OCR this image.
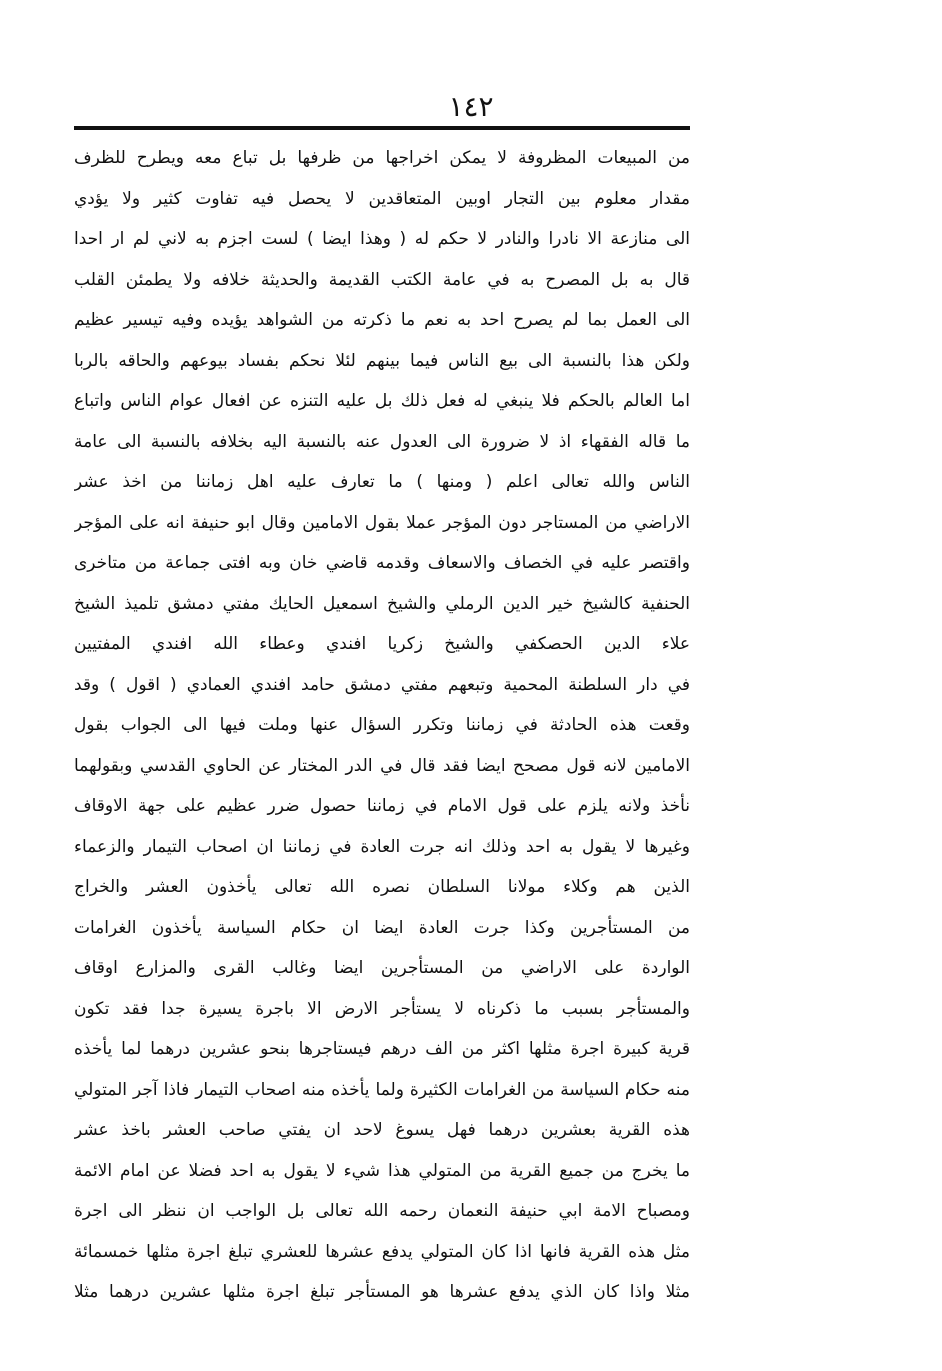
١٤٢
من المبيعات المظروفة لا يمكن اخراجها من ظرفها بل تباع معه ويطرح للظرف
مقدار معلوم بين التجار اوبين المتعاقدين لا يحصل فيه تفاوت كثير ولا يؤدي
الى منازعة الا نادرا والنادر لا حكم له ( وهذا ايضا ) لست اجزم به لاني لم ار احدا
قال به بل المصرح به في عامة الكتب القديمة والحديثة خلافه ولا يطمئن القلب
الى العمل بما لم يصرح احد به نعم ما ذكرته من الشواهد يؤيده وفيه تيسير عظيم
ولكن هذا بالنسبة الى بيع الناس فيما بينهم لئلا نحكم بفساد بيوعهم والحاقه بالربا
اما العالم بالحكم فلا ينبغي له فعل ذلك بل عليه التنزه عن افعال عوام الناس واتباع
ما قاله الفقهاء اذ لا ضرورة الى العدول عنه بالنسبة اليه بخلافه بالنسبة الى عامة
الناس والله تعالى اعلم ( ومنها ) ما تعارف عليه اهل زماننا من اخذ عشر
الاراضي من المستاجر دون المؤجر عملا بقول الامامين وقال ابو حنيفة انه على المؤجر
واقتصر عليه في الخصاف والاسعاف وقدمه قاضي خان وبه افتى جماعة من متاخرى
الحنفية كالشيخ خير الدين الرملي والشيخ اسمعيل الحايك مفتي دمشق تلميذ الشيخ
علاء الدين الحصكفي والشيخ زكريا افندي وعطاء الله افندي المفتيين
في دار السلطنة المحمية وتبعهم مفتي دمشق حامد افندي العمادي ( اقول ) وقد
وقعت هذه الحادثة في زماننا وتكرر السؤال عنها وملت فيها الى الجواب بقول
الامامين لانه قول مصحح ايضا فقد قال في الدر المختار عن الحاوي القدسي وبقولهما
نأخذ ولانه يلزم على قول الامام في زماننا حصول ضرر عظيم على جهة الاوقاف
وغيرها لا يقول به احد وذلك انه جرت العادة في زماننا ان اصحاب التيمار والزعماء
الذين هم وكلاء مولانا السلطان نصره الله تعالى يأخذون العشر والخراج
من المستأجرين وكذا جرت العادة ايضا ان حكام السياسة يأخذون الغرامات
الواردة على الاراضي من المستأجرين ايضا وغالب القرى والمزارع اوقاف
والمستأجر بسبب ما ذكرناه لا يستأجر الارض الا باجرة يسيرة جدا فقد تكون
قرية كبيرة اجرة مثلها اكثر من الف درهم فيستاجرها بنحو عشرين درهما لما يأخذه
منه حكام السياسة من الغرامات الكثيرة ولما يأخذه منه اصحاب التيمار فاذا آجر المتولي
هذه القرية بعشرين درهما فهل يسوغ لاحد ان يفتي صاحب العشر باخذ عشر
ما يخرج من جميع القرية من المتولي هذا شيء لا يقول به احد فضلا عن امام الائمة
ومصباح الامة ابي حنيفة النعمان رحمه الله تعالى بل الواجب ان ننظر الى اجرة
مثل هذه القرية فانها اذا كان المتولي يدفع عشرها للعشري تبلغ اجرة مثلها خمسمائة
مثلا واذا كان الذي يدفع عشرها هو المستأجر تبلغ اجرة مثلها عشرين درهما مثلا
